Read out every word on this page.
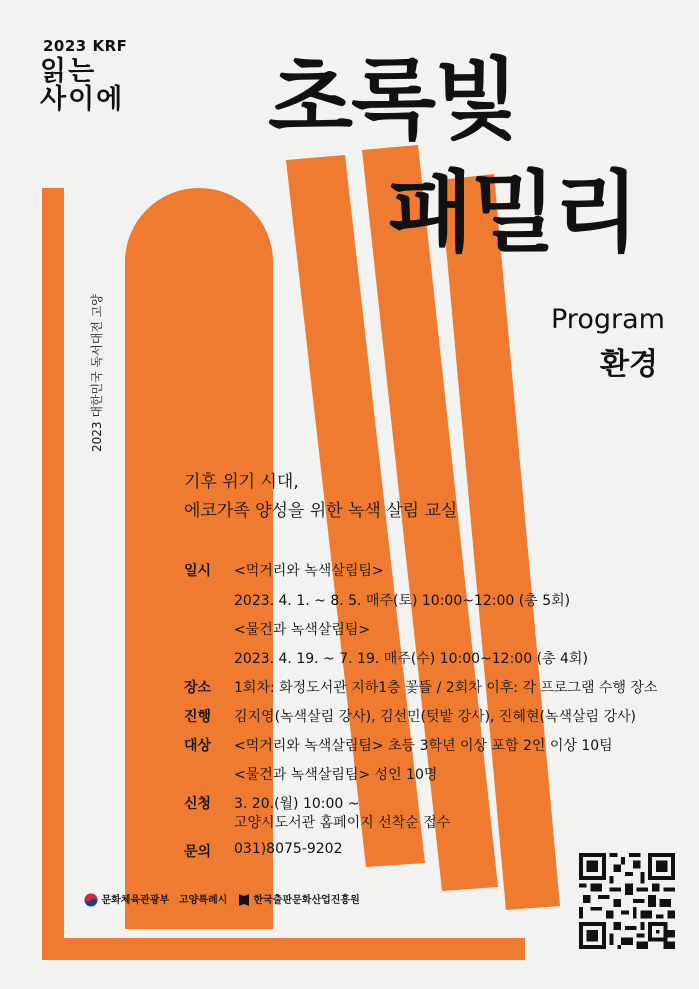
2023 KRF
읽는
사이에
2023 대한민국 독서대전 고양
초록빛
패밀리
Program
환경
기후 위기 시대,
에코가족 양성을 위한 녹색 살림 교실
일시 <먹거리와 녹색살림팀>
2023. 4. 1. ~ 8. 5. 매주(토) 10:00~12:00 (총 5회)
<물건과 녹색살림팀>
2023. 4. 19. ~ 7. 19. 매주(수) 10:00~12:00 (총 4회)
장소 1회차: 화정도서관 지하1층 꽃뜰 / 2회차 이후: 각 프로그램 수행 장소
진행 김지영(녹색살림 강사), 김선민(텃밭 강사), 진혜현(녹색살림 강사)
대상 <먹거리와 녹색살림팀> 초등 3학년 이상 포함 2인 이상 10팀
<물건과 녹색살림팀> 성인 10명
신청 3. 20.(월) 10:00 ~
고양시도서관 홈페이지 선착순 접수
문의 031)8075-9202
문화체육관광부 고양특례시	한국출판문화산업진흥원
